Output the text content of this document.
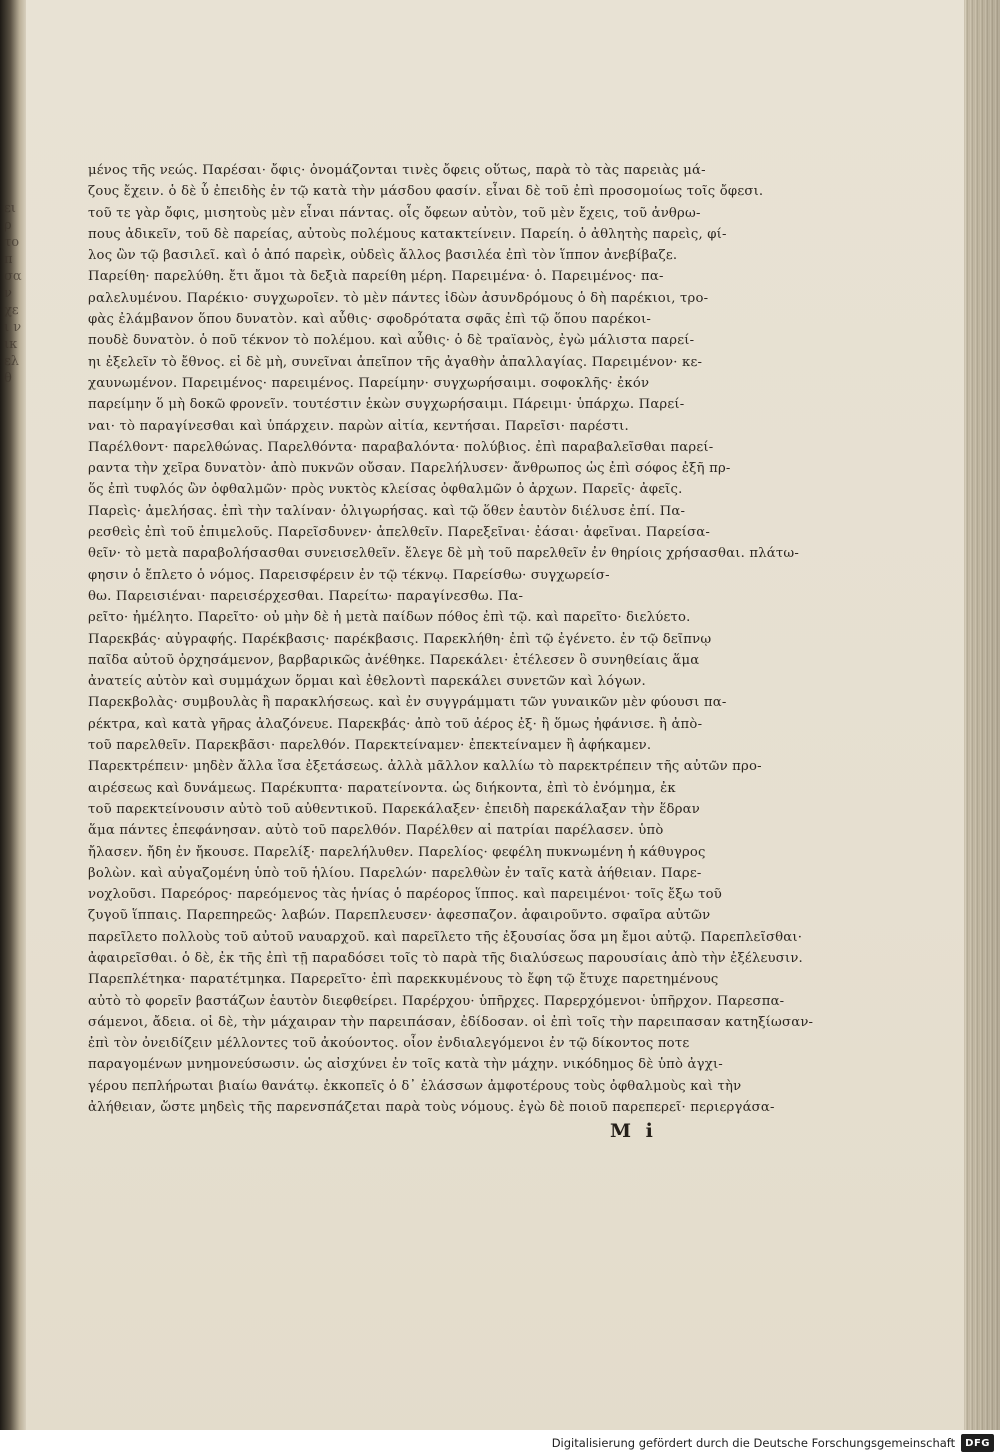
ειρ τοπ σαν χει νικ ελθ
μένος τῆς νεώς. Παρέσαι· ὄφις· ὀνομάζονται τινὲς ὄφεις οὕτως, παρὰ τὸ τὰς παρειὰς μά-
ζους ἔχειν. ὁ δὲ ὗ ἐπειδὴς ἐν τῷ κατὰ τὴν μάσδου φασίν. εἶναι δὲ τοῦ ἐπὶ προσομοίως τοῖς ὄφεσι.
τοῦ τε γὰρ ὄφις, μισητοὺς μὲν εἶναι πάντας. οἷς ὄφεων αὐτὸν, τοῦ μὲν ἔχεις, τοῦ ἀνθρω-
πους ἀδικεῖν, τοῦ δὲ παρείας, αὐτοὺς πολέμους κατακτείνειν. Παρείη. ὁ ἀθλητὴς παρεὶς, φί-
λος ὢν τῷ βασιλεῖ. καὶ ὁ ἀπό παρεὶκ, οὐδεὶς ἄλλος βασιλέα ἐπὶ τὸν ἵππον ἀνεβίβαζε.
Παρείθη· παρελύθη. ἔτι ἄμοι τὰ δεξιὰ παρείθη μέρη. Παρειμένα· ὁ. Παρειμένος· πα-
ραλελυμένου. Παρέκιο· συγχωροῖεν. τὸ μὲν πάντες ἰδὼν ἀσυνδρόμους ὁ δὴ παρέκιοι, τρο-
φὰς ἐλάμβανον ὅπου δυνατὸν. καὶ αὖθις· σφοδρότατα σφᾶς ἐπὶ τῷ ὅπου παρέκοι-
πουδὲ δυνατὸν. ὁ ποῦ τέκνον τὸ πολέμου. καὶ αὖθις· ὁ δὲ τραϊανὸς, ἐγὼ μάλιστα παρεί-
ηι ἐξελεῖν τὸ ἔθνος. εἰ δὲ μὴ, συνεῖναι ἀπεῖπον τῆς ἀγαθὴν ἀπαλλαγίας. Παρειμένον· κε-
χαυνωμένον. Παρειμένος· παρειμένος. Παρείμην· συγχωρήσαιμι. σοφοκλῆς· ἐκόν
παρείμην ὅ μὴ δοκῶ φρονεῖν. τουτέστιν ἑκὼν συγχωρήσαιμι. Πάρειμι· ὑπάρχω. Παρεί-
ναι· τὸ παραγίνεσθαι καὶ ὑπάρχειν. παρὼν αἰτία, κεντήσαι. Παρεῖσι· παρέστι.
Παρέλθοντ· παρελθώνας. Παρελθόντα· παραβαλόντα· πολύβιος. ἐπὶ παραβαλεῖσθαι παρεί-
ραντα τὴν χεῖρα δυνατὸν· ἀπὸ πυκνῶν οὔσαν. Παρελήλυσεν· ἄνθρωπος ὡς ἐπὶ σόφος ἐξῆ πρ-
ὅς ἐπὶ τυφλός ὢν ὀφθαλμῶν· πρὸς νυκτὸς κλείσας ὀφθαλμῶν ὁ ἀρχων. Παρεῖς· ἀφεῖς.
Παρεὶς· ἀμελήσας. ἐπὶ τὴν ταλίναν· ὀλιγωρήσας. καὶ τῷ ὅθεν ἑαυτὸν διέλυσε ἐπί. Πα-
ρεσθεὶς ἐπὶ τοῦ ἐπιμελοῦς. Παρεῖσδυνεν· ἀπελθεῖν. Παρεξεῖναι· ἐάσαι· ἀφεῖναι. Παρείσα-
θεῖν· τὸ μετὰ παραβολήσασθαι συνεισελθεῖν. ἔλεγε δὲ μὴ τοῦ παρελθεῖν ἐν θηρίοις χρήσασθαι. πλάτω-
φησιν ὁ ἔπλετο ὁ νόμος. Παρεισφέρειν ἐν τῷ τέκνῳ. Παρείσθω· συγχωρείσ-
θω. Παρεισιέναι· παρεισέρχεσθαι. Παρείτω· παραγίνεσθω. Πα-
ρεῖτο· ἠμέλητο. Παρεῖτο· οὐ μὴν δὲ ἡ μετὰ παίδων πόθος ἐπὶ τῷ. καὶ παρεῖτο· διελύετο.
Παρεκβάς· αὐγραφής. Παρέκβασις· παρέκβασις. Παρεκλήθη· ἐπὶ τῷ ἐγένετο. ἐν τῷ δεῖπνῳ
παῖδα αὐτοῦ ὀρχησάμενον, βαρβαρικῶς ἀνέθηκε. Παρεκάλει· ἐτέλεσεν ὃ συνηθείαις ἅμα
ἀνατείς αὐτὸν καὶ συμμάχων ὅρμαι καὶ ἐθελοντὶ παρεκάλει συνετῶν καὶ λόγων.
Παρεκβολὰς· συμβουλὰς ἢ παρακλήσεως. καὶ ἐν συγγράμματι τῶν γυναικῶν μὲν φύουσι πα-
ρέκτρα, καὶ κατὰ γῆρας ἀλαζόνευε. Παρεκβάς· ἀπὸ τοῦ ἀέρος ἐξ· ἢ ὅμως ἠφάνισε. ἢ ἀπὸ-
τοῦ παρελθεῖν. Παρεκβᾶσι· παρελθόν. Παρεκτείναμεν· ἐπεκτείναμεν ἢ ἀφήκαμεν.
Παρεκτρέπειν· μηδὲν ἄλλα ἴσα ἐξετάσεως. ἀλλὰ μᾶλλον καλλίω τὸ παρεκτρέπειν τῆς αὐτῶν προ-
αιρέσεως καὶ δυνάμεως. Παρέκυπτα· παρατείνοντα. ὡς διήκοντα, ἐπὶ τὸ ἐνόμημα, ἐκ
τοῦ παρεκτείνουσιν αὐτὸ τοῦ αὐθεντικοῦ. Παρεκάλαξεν· ἐπειδὴ παρεκάλαξαν τὴν ἕδραν
ἅμα πάντες ἐπεφάνησαν. αὐτὸ τοῦ παρελθόν. Παρέλθεν αἱ πατρίαι παρέλασεν. ὑπὸ
ἤλασεν. ἤδη ἐν ἤκουσε. Παρελίξ· παρελήλυθεν. Παρελίος· φεφέλη πυκνωμένη ἡ κάθυγρος
βολὼν. καὶ αὐγαζομένη ὑπὸ τοῦ ἡλίου. Παρελών· παρελθὼν ἐν ταῖς κατὰ ἀήθειαν. Παρε-
νοχλοῦσι. Παρεόρος· παρεόμενος τὰς ἡνίας ὁ παρέορος ἵππος. καὶ παρειμένοι· τοῖς ἔξω τοῦ
ζυγοῦ ἵππαις. Παρεπηρεῶς· λαβών. Παρεπλευσεν· ἀφεσπαζον. ἀφαιροῦντο. σφαῖρα αὐτῶν
παρεῖλετο πολλοὺς τοῦ αὐτοῦ ναυαρχοῦ. καὶ παρεῖλετο τῆς ἐξουσίας ὅσα μη ἔμοι αὐτῷ. Παρεπλεῖσθαι·
ἀφαιρεῖσθαι. ὁ δὲ, ἐκ τῆς ἐπὶ τῇ παραδόσει τοῖς τὸ παρὰ τῆς διαλύσεως παρουσίαις ἀπὸ τὴν ἐξέλευσιν.
Παρεπλέτηκα· παρατέτμηκα. Παρερεῖτο· ἐπὶ παρεκκυμένους τὸ ἔφη τῷ ἔτυχε παρετημένους
αὐτὸ τὸ φορεῖν βαστάζων ἑαυτὸν διεφθείρει. Παρέρχου· ὑπῆρχες. Παρερχόμενοι· ὑπῆρχον. Παρεσπα-
σάμενοι, ἄδεια. οἱ δὲ, τὴν μάχαιραν τὴν παρειπάσαν, ἐδίδοσαν. οἱ ἐπὶ τοῖς τὴν παρειπασαν κατηξίωσαν-
ἐπὶ τὸν ὀνειδίζειν μέλλοντες τοῦ ἀκούοντος. οἷον ἐνδιαλεγόμενοι ἐν τῷ δίκοντος ποτε
παραγομένων μνημονεύσωσιν. ὡς αἰσχύνει ἐν τοῖς κατὰ τὴν μάχην. νικόδημος δὲ ὑπὸ ἀγχι-
γέρου πεπλήρωται βιαίω θανάτῳ. ἐκκοπεῖς ὁ δ᾽ ἐλάσσων ἀμφοτέρους τοὺς ὀφθαλμοὺς καὶ τὴν
ἀλήθειαν, ὥστε μηδεὶς τῆς παρενσπάζεται παρὰ τοὺς νόμους. ἐγὼ δὲ ποιοῦ παρεπερεῖ· περιεργάσα-
M i
Digitalisierung gefördert durch die Deutsche Forschungsgemeinschaft	DFG
